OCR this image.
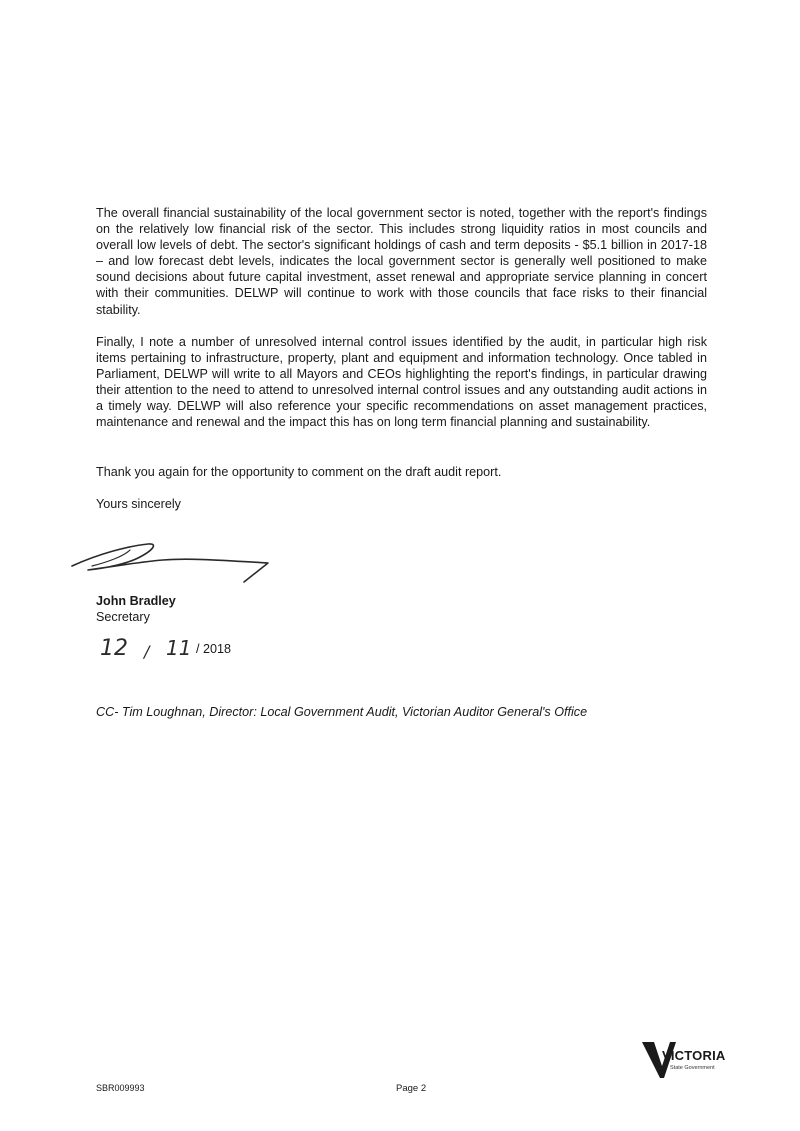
The overall financial sustainability of the local government sector is noted, together with the report's findings on the relatively low financial risk of the sector. This includes strong liquidity ratios in most councils and overall low levels of debt. The sector's significant holdings of cash and term deposits - $5.1 billion in 2017-18 – and low forecast debt levels, indicates the local government sector is generally well positioned to make sound decisions about future capital investment, asset renewal and appropriate service planning in concert with their communities. DELWP will continue to work with those councils that face risks to their financial stability.
Finally, I note a number of unresolved internal control issues identified by the audit, in particular high risk items pertaining to infrastructure, property, plant and equipment and information technology. Once tabled in Parliament, DELWP will write to all Mayors and CEOs highlighting the report's findings, in particular drawing their attention to the need to attend to unresolved internal control issues and any outstanding audit actions in a timely way. DELWP will also reference your specific recommendations on asset management practices, maintenance and renewal and the impact this has on long term financial planning and sustainability.
Thank you again for the opportunity to comment on the draft audit report.
Yours sincerely
John Bradley
Secretary
12 / 11 / 2018
CC- Tim Loughnan, Director: Local Government Audit, Victorian Auditor General's Office
VICTORIA
State Government
SBR009993	Page 2
